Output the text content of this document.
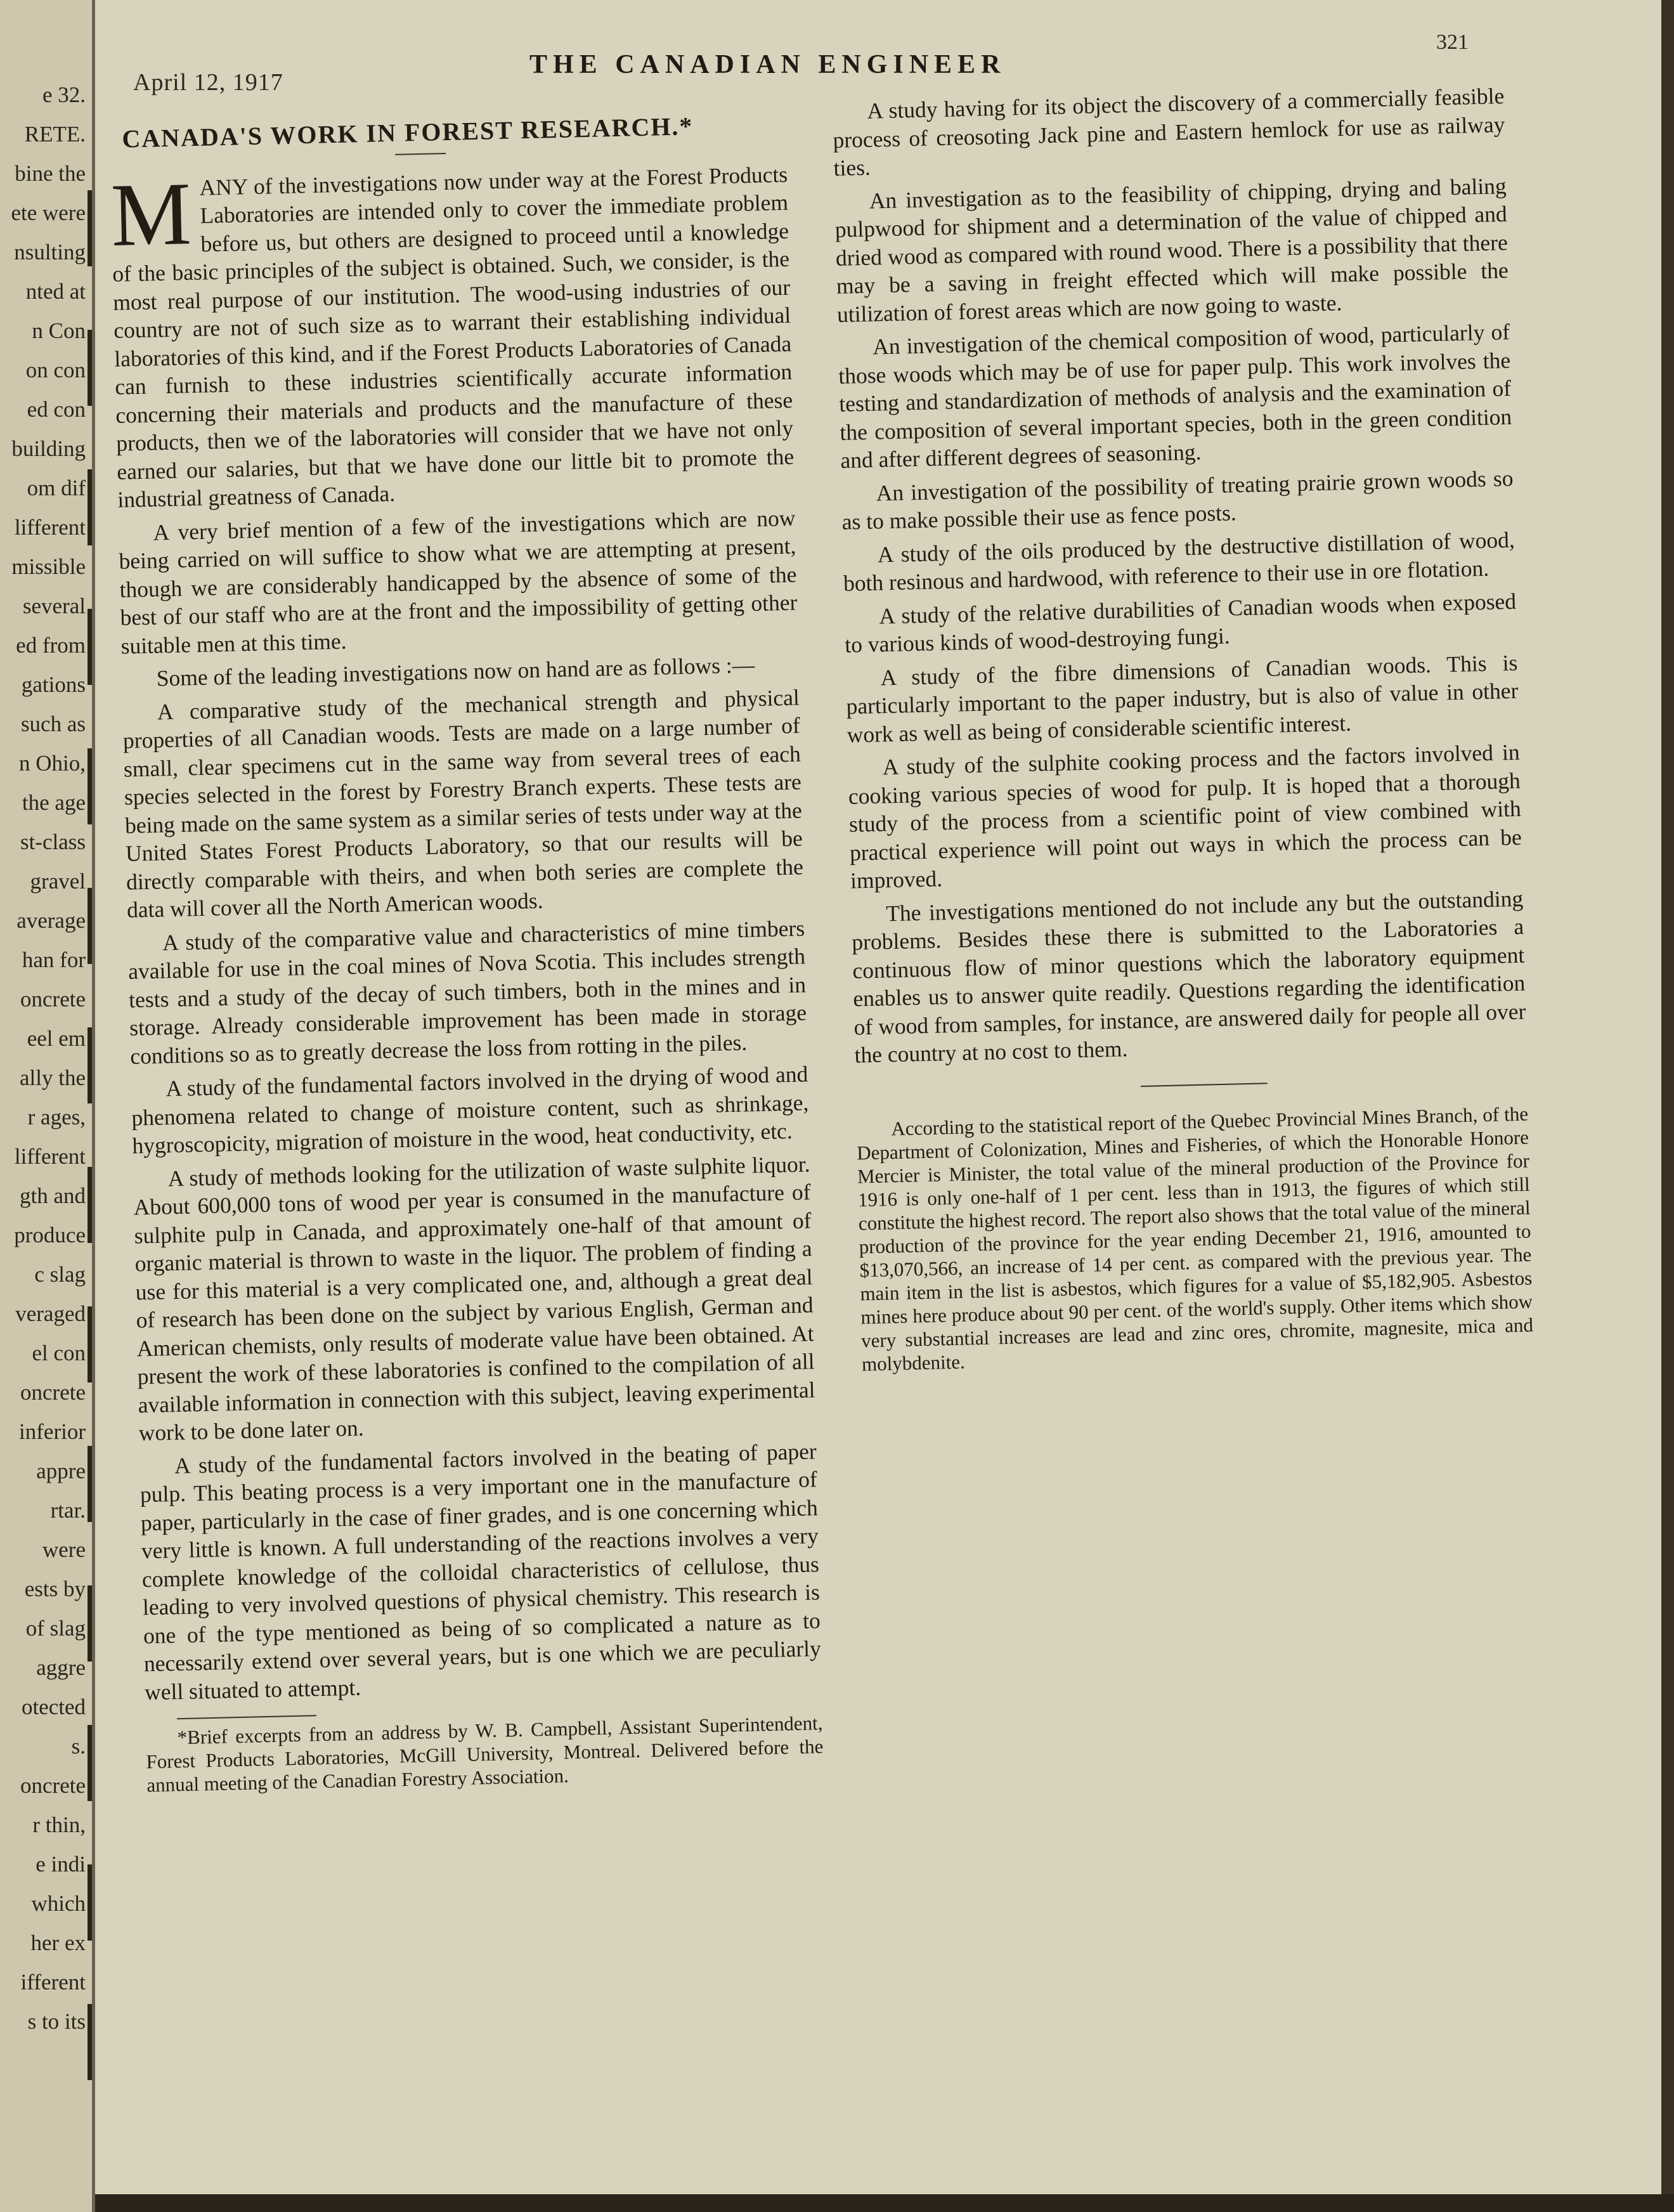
e 32.
RETE.
bine the
ete were
nsulting
nted at
n Con
on con
ed con
building
om dif
lifferent
missible
several
ed from
gations
such as
n Ohio,
the age
st-class
gravel
average
han for
oncrete
eel em
ally the
r ages,
lifferent
gth and
produce
c slag
veraged
el con
oncrete
inferior
appre
rtar.
were
ests by
of slag
aggre
otected
s.
oncrete
r thin,
e indi
which
her ex
ifferent
s to its
April 12, 1917
THE CANADIAN ENGINEER
321
CANADA'S WORK IN FOREST RESEARCH.*

MANY of the investigations now under way at the Forest Products Laboratories are intended only to cover the immediate problem before us, but others are designed to proceed until a knowledge of the basic principles of the subject is obtained. Such, we consider, is the most real purpose of our institution. The wood-using industries of our country are not of such size as to warrant their establishing individual laboratories of this kind, and if the Forest Products Laboratories of Canada can furnish to these industries scientifically accurate information concerning their materials and products and the manufacture of these products, then we of the laboratories will consider that we have not only earned our salaries, but that we have done our little bit to promote the industrial greatness of Canada.

A very brief mention of a few of the investigations which are now being carried on will suffice to show what we are attempting at present, though we are considerably handicapped by the absence of some of the best of our staff who are at the front and the impossibility of getting other suitable men at this time.

Some of the leading investigations now on hand are as follows :—

A comparative study of the mechanical strength and physical properties of all Canadian woods. Tests are made on a large number of small, clear specimens cut in the same way from several trees of each species selected in the forest by Forestry Branch experts. These tests are being made on the same system as a similar series of tests under way at the United States Forest Products Laboratory, so that our results will be directly comparable with theirs, and when both series are complete the data will cover all the North American woods.

A study of the comparative value and characteristics of mine timbers available for use in the coal mines of Nova Scotia. This includes strength tests and a study of the decay of such timbers, both in the mines and in storage. Already considerable improvement has been made in storage conditions so as to greatly decrease the loss from rotting in the piles.

A study of the fundamental factors involved in the drying of wood and phenomena related to change of moisture content, such as shrinkage, hygroscopicity, migration of moisture in the wood, heat conductivity, etc.

A study of methods looking for the utilization of waste sulphite liquor. About 600,000 tons of wood per year is consumed in the manufacture of sulphite pulp in Canada, and approximately one-half of that amount of organic material is thrown to waste in the liquor. The problem of finding a use for this material is a very complicated one, and, although a great deal of research has been done on the subject by various English, German and American chemists, only results of moderate value have been obtained. At present the work of these laboratories is confined to the compilation of all available information in connection with this subject, leaving experimental work to be done later on.

A study of the fundamental factors involved in the beating of paper pulp. This beating process is a very important one in the manufacture of paper, particularly in the case of finer grades, and is one concerning which very little is known. A full understanding of the reactions involves a very complete knowledge of the colloidal characteristics of cellulose, thus leading to very involved questions of physical chemistry. This research is one of the type mentioned as being of so complicated a nature as to necessarily extend over several years, but is one which we are peculiarly well situated to attempt.

*Brief excerpts from an address by W. B. Campbell, Assistant Superintendent, Forest Products Laboratories, McGill University, Montreal. Delivered before the annual meeting of the Canadian Forestry Association.

A study having for its object the discovery of a commercially feasible process of creosoting Jack pine and Eastern hemlock for use as railway ties.

An investigation as to the feasibility of chipping, drying and baling pulpwood for shipment and a determination of the value of chipped and dried wood as compared with round wood. There is a possibility that there may be a saving in freight effected which will make possible the utilization of forest areas which are now going to waste.

An investigation of the chemical composition of wood, particularly of those woods which may be of use for paper pulp. This work involves the testing and standardization of methods of analysis and the examination of the composition of several important species, both in the green condition and after different degrees of seasoning.

An investigation of the possibility of treating prairie grown woods so as to make possible their use as fence posts.

A study of the oils produced by the destructive distillation of wood, both resinous and hardwood, with reference to their use in ore flotation.

A study of the relative durabilities of Canadian woods when exposed to various kinds of wood-destroying fungi.

A study of the fibre dimensions of Canadian woods. This is particularly important to the paper industry, but is also of value in other work as well as being of considerable scientific interest.

A study of the sulphite cooking process and the factors involved in cooking various species of wood for pulp. It is hoped that a thorough study of the process from a scientific point of view combined with practical experience will point out ways in which the process can be improved.

The investigations mentioned do not include any but the outstanding problems. Besides these there is submitted to the Laboratories a continuous flow of minor questions which the laboratory equipment enables us to answer quite readily. Questions regarding the identification of wood from samples, for instance, are answered daily for people all over the country at no cost to them.

According to the statistical report of the Quebec Provincial Mines Branch, of the Department of Colonization, Mines and Fisheries, of which the Honorable Honore Mercier is Minister, the total value of the mineral production of the Province for 1916 is only one-half of 1 per cent. less than in 1913, the figures of which still constitute the highest record. The report also shows that the total value of the mineral production of the province for the year ending December 21, 1916, amounted to $13,070,566, an increase of 14 per cent. as compared with the previous year. The main item in the list is asbestos, which figures for a value of $5,182,905. Asbestos mines here produce about 90 per cent. of the world's supply. Other items which show very substantial increases are lead and zinc ores, chromite, magnesite, mica and molybdenite.
